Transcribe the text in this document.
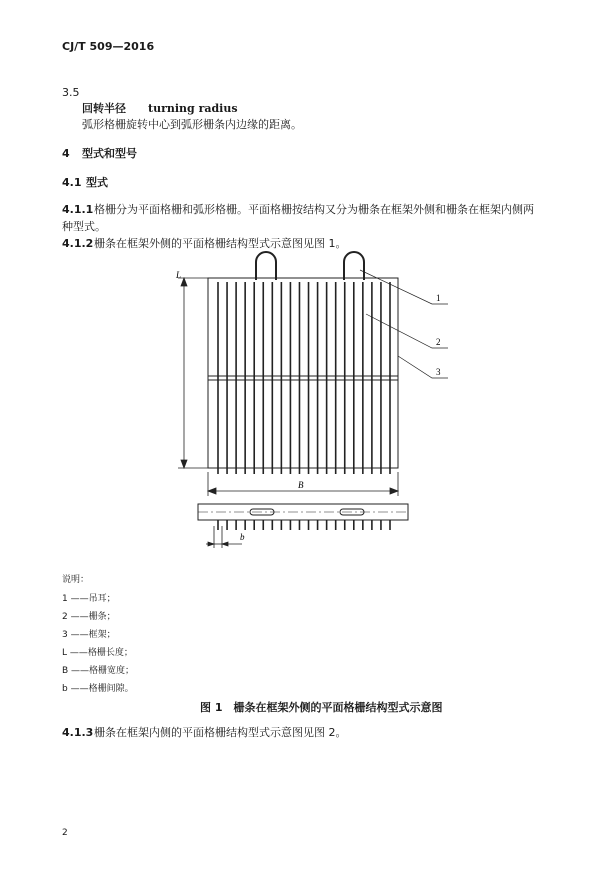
CJ/T 509—2016
3.5
回转半径 turning radius
弧形格栅旋转中心到弧形栅条内边缘的距离。
4 型式和型号
4.1 型式
4.1.1 格栅分为平面格栅和弧形格栅。平面格栅按结构又分为栅条在框架外侧和栅条在框架内侧两
种型式。
4.1.2 栅条在框架外侧的平面格栅结构型式示意图见图 1。
L
B
b
1
2
3
说明：
1 ——吊耳；
2 ——栅条；
3 ——框架；
L ——格栅长度；
B ——格栅宽度；
b ——格栅间隙。
图 1　栅条在框架外侧的平面格栅结构型式示意图
4.1.3 栅条在框架内侧的平面格栅结构型式示意图见图 2。
2
